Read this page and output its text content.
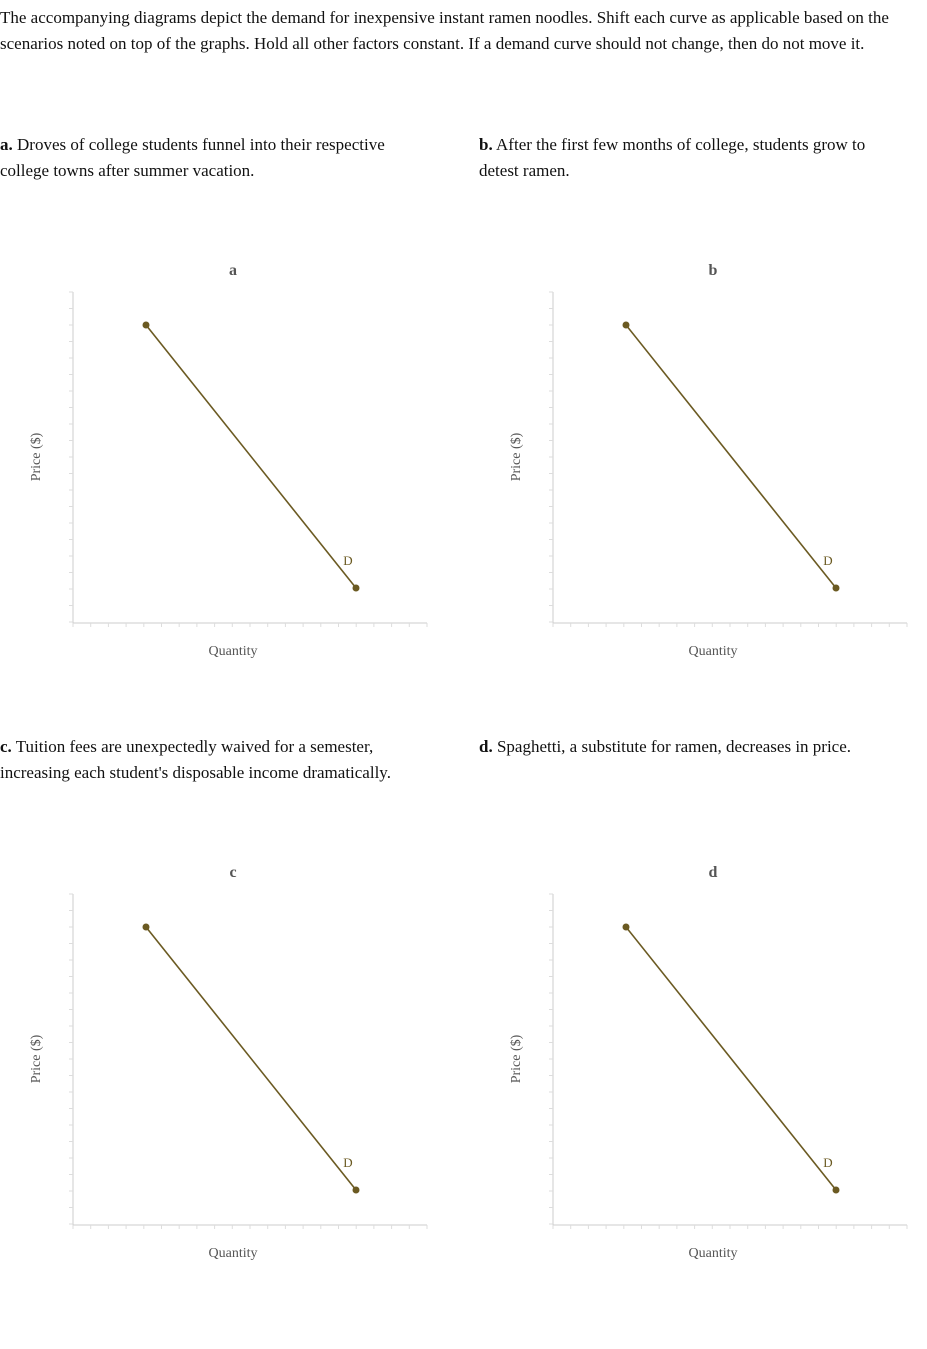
The accompanying diagrams depict the demand for inexpensive instant ramen noodles. Shift each curve as applicable based on the scenarios noted on top of the graphs. Hold all other factors constant. If a demand curve should not change, then do not move it.

a. Droves of college students funnel into their respective college towns after summer vacation.

b. After the first few months of college, students grow to detest ramen.

c. Tuition fees are unexpectedly waived for a semester, increasing each student's disposable income dramatically.

d. Spaghetti, a substitute for ramen, decreases in price.

a
Price ($)
Quantity
D
b
Price ($)
Quantity
D
c
Price ($)
Quantity
D
d
Price ($)
Quantity
D
